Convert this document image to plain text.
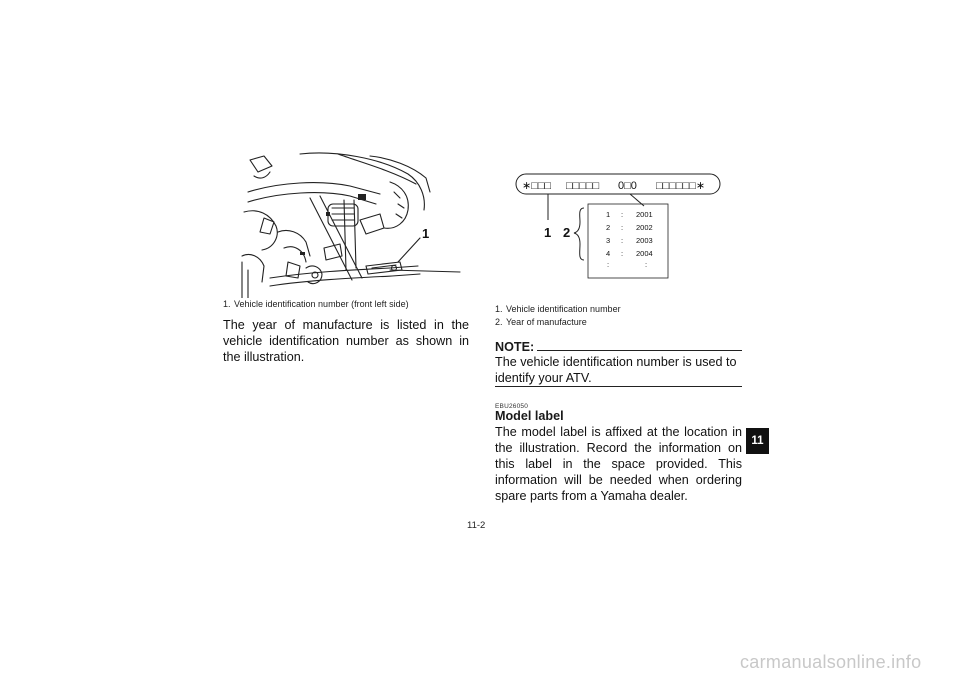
1
1. Vehicle identification number (front left side)
The year of manufacture is listed in the vehicle identification number as shown in the illustration.
∗□□□ □□□□□ 0□0 □□□□□□∗
1 2
1 : 2001
2 : 2002
3 : 2003
4 : 2004
:	:
1. Vehicle identification number
2. Year of manufacture
NOTE:
The vehicle identification number is used to identify your ATV.
EBU26050
Model label
The model label is affixed at the location in the illustration. Record the information on this label in the space provided. This information will be needed when ordering spare parts from a Yamaha dealer.
11-2
11
carmanualsonline.info
